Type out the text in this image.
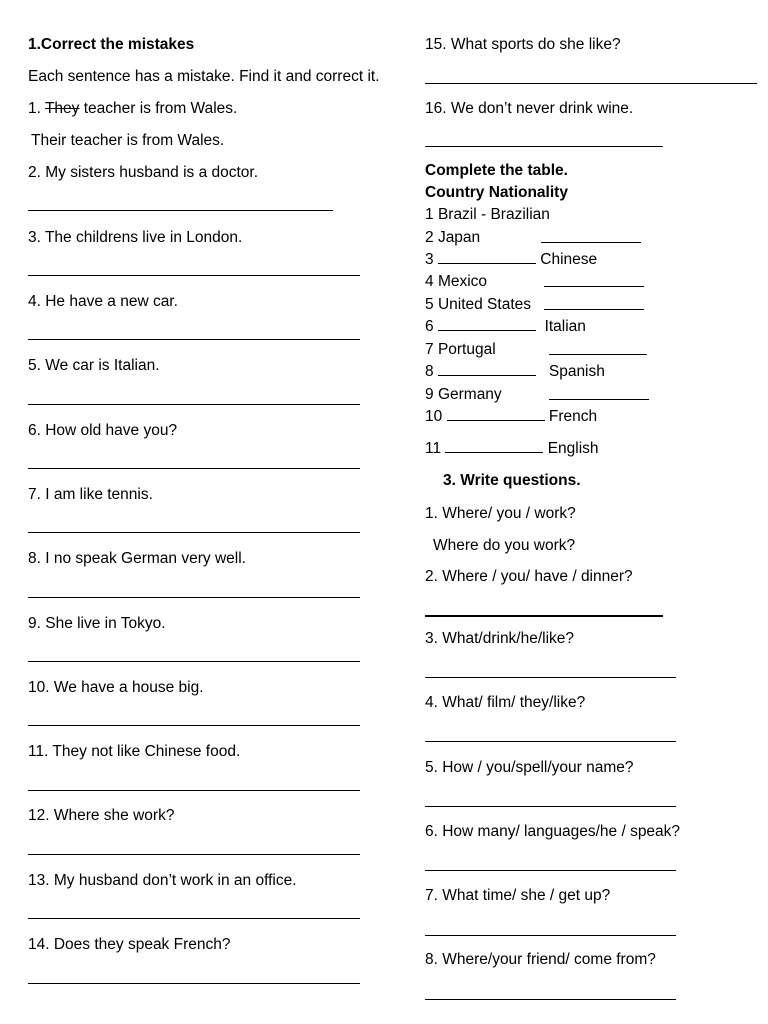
1.Correct the mistakes
Each sentence has a mistake. Find it and correct it.
1. They teacher is from Wales.
Their teacher is from Wales.
2. My sisters husband is a doctor.
3. The childrens live in London.
4. He have a new car.
5. We car is Italian.
6. How old have you?
7. I am like tennis.
8. I no speak German very well.
9. She live in Tokyo.
10. We have a house big.
11. They not like Chinese food.
12. Where she work?
13. My husband don’t work in an office.
14. Does they speak French?
15. What sports do she like?
16. We don’t never drink wine.
Complete the table.
Country Nationality
1 Brazil - Brazilian
2 Japan
3	Chinese
4 Mexico
5 United States
6	Italian
7 Portugal
8	Spanish
9 Germany
10	French
11	English
3. Write questions.
1. Where/ you / work?
Where do you work?
2. Where / you/ have / dinner?
3. What/drink/he/like?
4. What/ film/ they/like?
5. How / you/spell/your name?
6. How many/ languages/he / speak?
7. What time/ she / get up?
8. Where/your friend/ come from?
